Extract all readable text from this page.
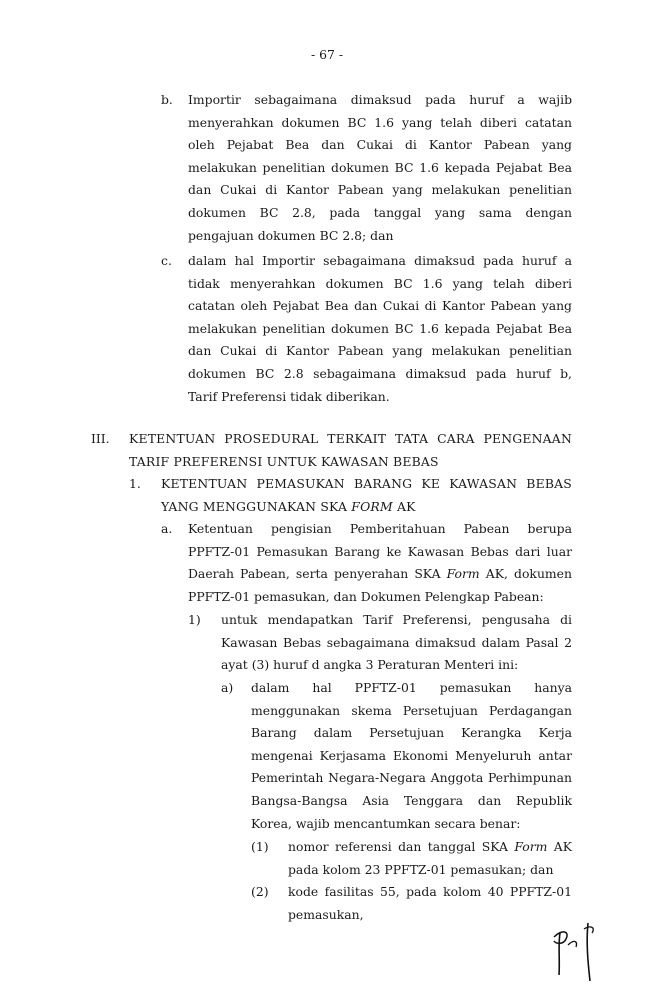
- 67 -
b. Importir sebagaimana dimaksud pada huruf a wajib
menyerahkan dokumen BC 1.6 yang telah diberi catatan
oleh Pejabat Bea dan Cukai di Kantor Pabean yang
melakukan penelitian dokumen BC 1.6 kepada Pejabat Bea
dan Cukai di Kantor Pabean yang melakukan penelitian
dokumen BC 2.8, pada tanggal yang sama dengan
pengajuan dokumen BC 2.8; dan
c. dalam hal Importir sebagaimana dimaksud pada huruf a
tidak menyerahkan dokumen BC 1.6 yang telah diberi
catatan oleh Pejabat Bea dan Cukai di Kantor Pabean yang
melakukan penelitian dokumen BC 1.6 kepada Pejabat Bea
dan Cukai di Kantor Pabean yang melakukan penelitian
dokumen BC 2.8 sebagaimana dimaksud pada huruf b,
Tarif Preferensi tidak diberikan.
III. KETENTUAN PROSEDURAL TERKAIT TATA CARA PENGENAAN
TARIF PREFERENSI UNTUK KAWASAN BEBAS
1. KETENTUAN PEMASUKAN BARANG KE KAWASAN BEBAS
YANG MENGGUNAKAN SKA FORM AK
a. Ketentuan pengisian Pemberitahuan Pabean berupa
PPFTZ-01 Pemasukan Barang ke Kawasan Bebas dari luar
Daerah Pabean, serta penyerahan SKA Form AK, dokumen
PPFTZ-01 pemasukan, dan Dokumen Pelengkap Pabean:
1) untuk mendapatkan Tarif Preferensi, pengusaha di
Kawasan Bebas sebagaimana dimaksud dalam Pasal 2
ayat (3) huruf d angka 3 Peraturan Menteri ini:
a) dalam hal PPFTZ-01 pemasukan hanya
menggunakan skema Persetujuan Perdagangan
Barang dalam Persetujuan Kerangka Kerja
mengenai Kerjasama Ekonomi Menyeluruh antar
Pemerintah Negara-Negara Anggota Perhimpunan
Bangsa-Bangsa Asia Tenggara dan Republik
Korea, wajib mencantumkan secara benar:
(1) nomor referensi dan tanggal SKA Form AK
pada kolom 23 PPFTZ-01 pemasukan; dan
(2) kode fasilitas 55, pada kolom 40 PPFTZ-01
pemasukan,
